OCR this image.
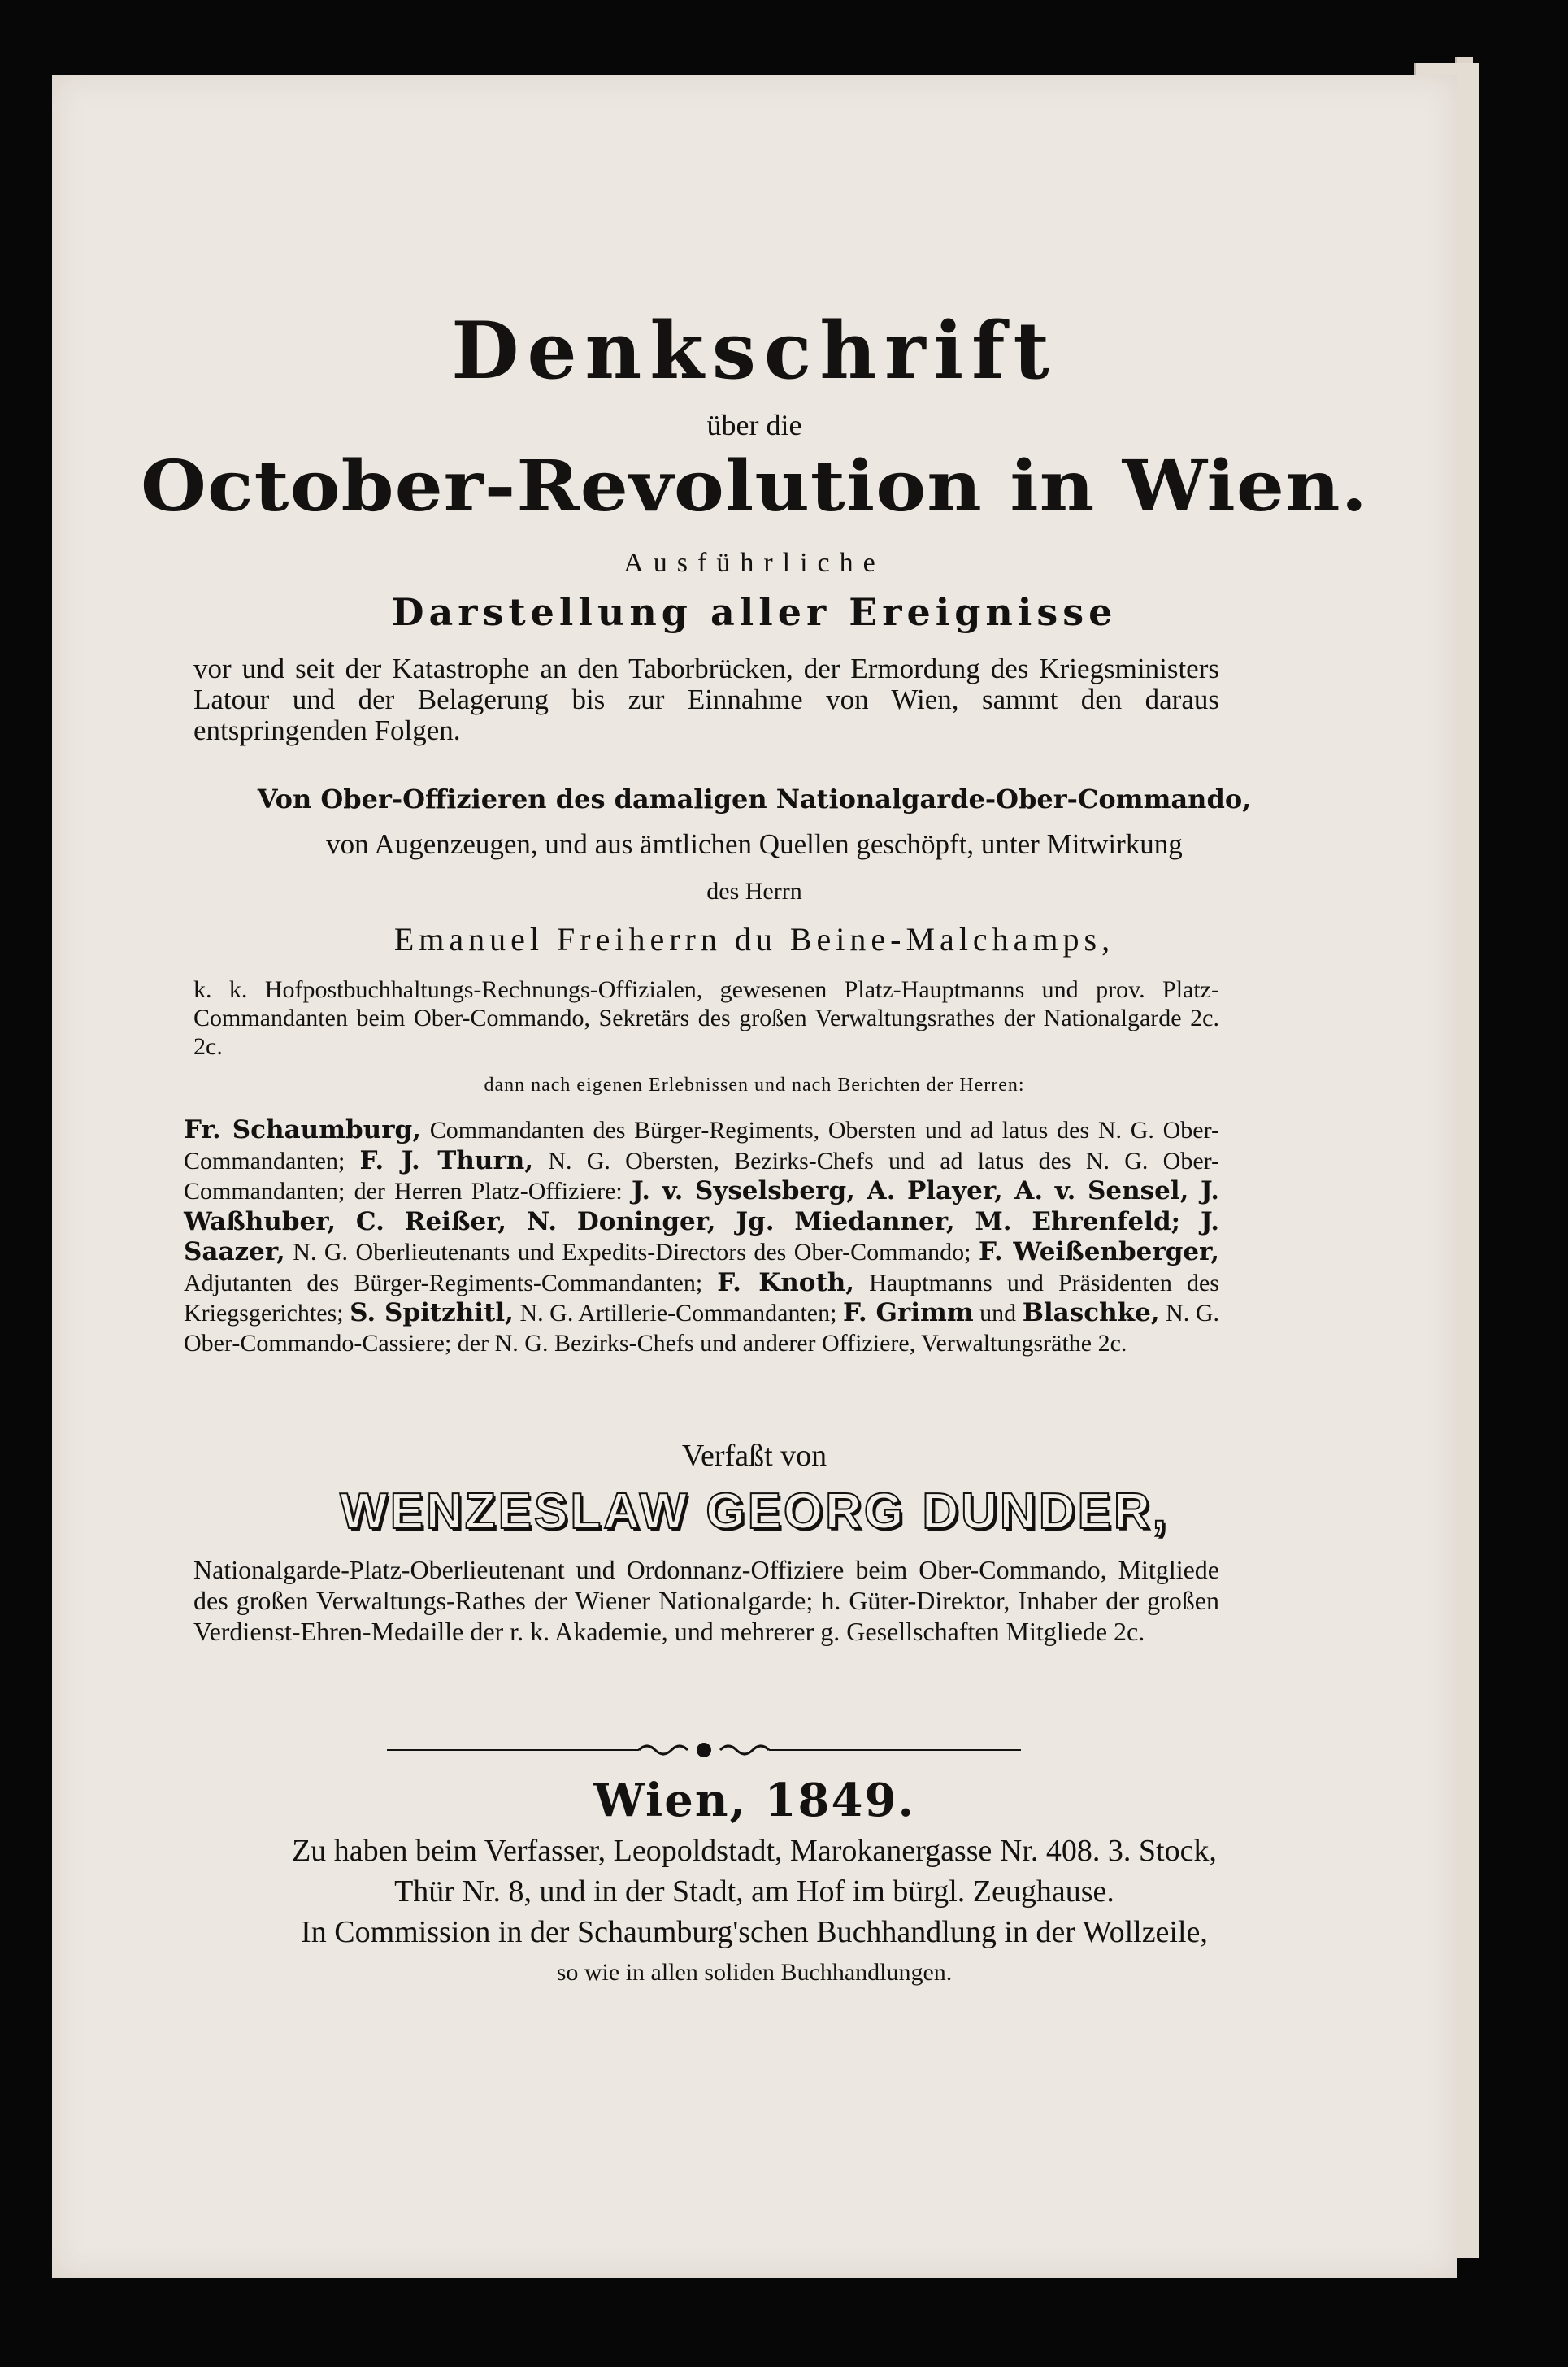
Denkschrift
über die
October-Revolution in Wien.
Ausführliche
Darstellung aller Ereignisse
vor und seit der Katastrophe an den Taborbrücken, der Ermordung des Kriegsministers Latour und der Belagerung bis zur Einnahme von Wien, sammt den daraus entspringenden Folgen.
Von Ober-Offizieren des damaligen Nationalgarde-Ober-Commando,
von Augenzeugen, und aus ämtlichen Quellen geschöpft, unter Mitwirkung
des Herrn
Emanuel Freiherrn du Beine-Malchamps,
k. k. Hofpostbuchhaltungs-Rechnungs-Offizialen, gewesenen Platz-Hauptmanns und prov. Platz-Commandanten beim Ober-Commando, Sekretärs des großen Verwaltungsrathes der Nationalgarde 2c. 2c.
dann nach eigenen Erlebnissen und nach Berichten der Herren:
Fr. Schaumburg, Commandanten des Bürger-Regiments, Obersten und ad latus des N. G. Ober-Commandanten; F. J. Thurn, N. G. Obersten, Bezirks-Chefs und ad latus des N. G. Ober-Commandanten; der Herren Platz-Offiziere: J. v. Syselsberg, A. Player, A. v. Sensel, J. Waßhuber, C. Reißer, N. Doninger, Jg. Miedanner, M. Ehrenfeld; J. Saazer, N. G. Oberlieutenants und Expedits-Directors des Ober-Commando; F. Weißenberger, Adjutanten des Bürger-Regiments-Commandanten; F. Knoth, Hauptmanns und Präsidenten des Kriegsgerichtes; S. Spitzhitl, N. G. Artillerie-Commandanten; F. Grimm und Blaschke, N. G. Ober-Commando-Cassiere; der N. G. Bezirks-Chefs und anderer Offiziere, Verwaltungsräthe 2c.
Verfaßt von
WENZESLAW GEORG DUNDER,
Nationalgarde-Platz-Oberlieutenant und Ordonnanz-Offiziere beim Ober-Commando, Mitgliede des großen Verwaltungs-Rathes der Wiener Nationalgarde; h. Güter-Direktor, Inhaber der großen Verdienst-Ehren-Medaille der r. k. Akademie, und mehrerer g. Gesellschaften Mitgliede 2c.
Wien, 1849.
Zu haben beim Verfasser, Leopoldstadt, Marokanergasse Nr. 408. 3. Stock,
Thür Nr. 8, und in der Stadt, am Hof im bürgl. Zeughause.
In Commission in der Schaumburg'schen Buchhandlung in der Wollzeile,
so wie in allen soliden Buchhandlungen.
